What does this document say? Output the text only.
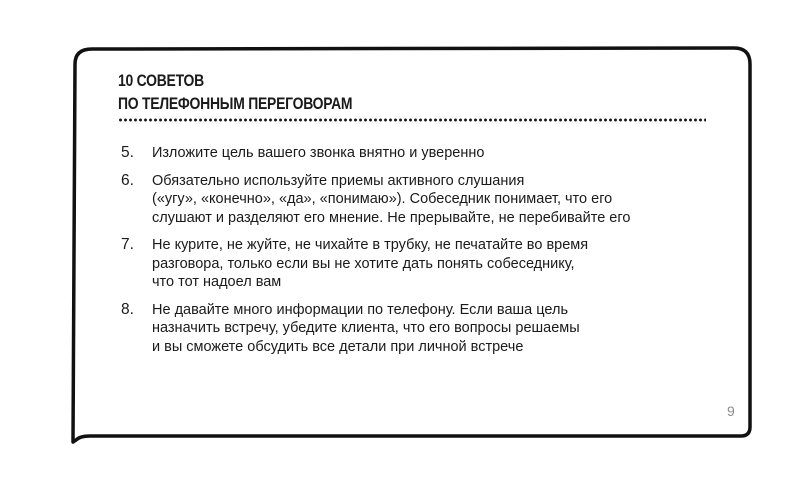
10 СОВЕТОВ
ПО ТЕЛЕФОННЫМ ПЕРЕГОВОРАМ
5. Изложите цель вашего звонка внятно и уверенно
6. Обязательно используйте приемы активного слушания
(«угу», «конечно», «да», «понимаю»). Собеседник понимает, что его
слушают и разделяют его мнение. Не прерывайте, не перебивайте его
7. Не курите, не жуйте, не чихайте в трубку, не печатайте во время
разговора, только если вы не хотите дать понять собеседнику,
что тот надоел вам
8. Не давайте много информации по телефону. Если ваша цель
назначить встречу, убедите клиента, что его вопросы решаемы
и вы сможете обсудить все детали при личной встрече
9
